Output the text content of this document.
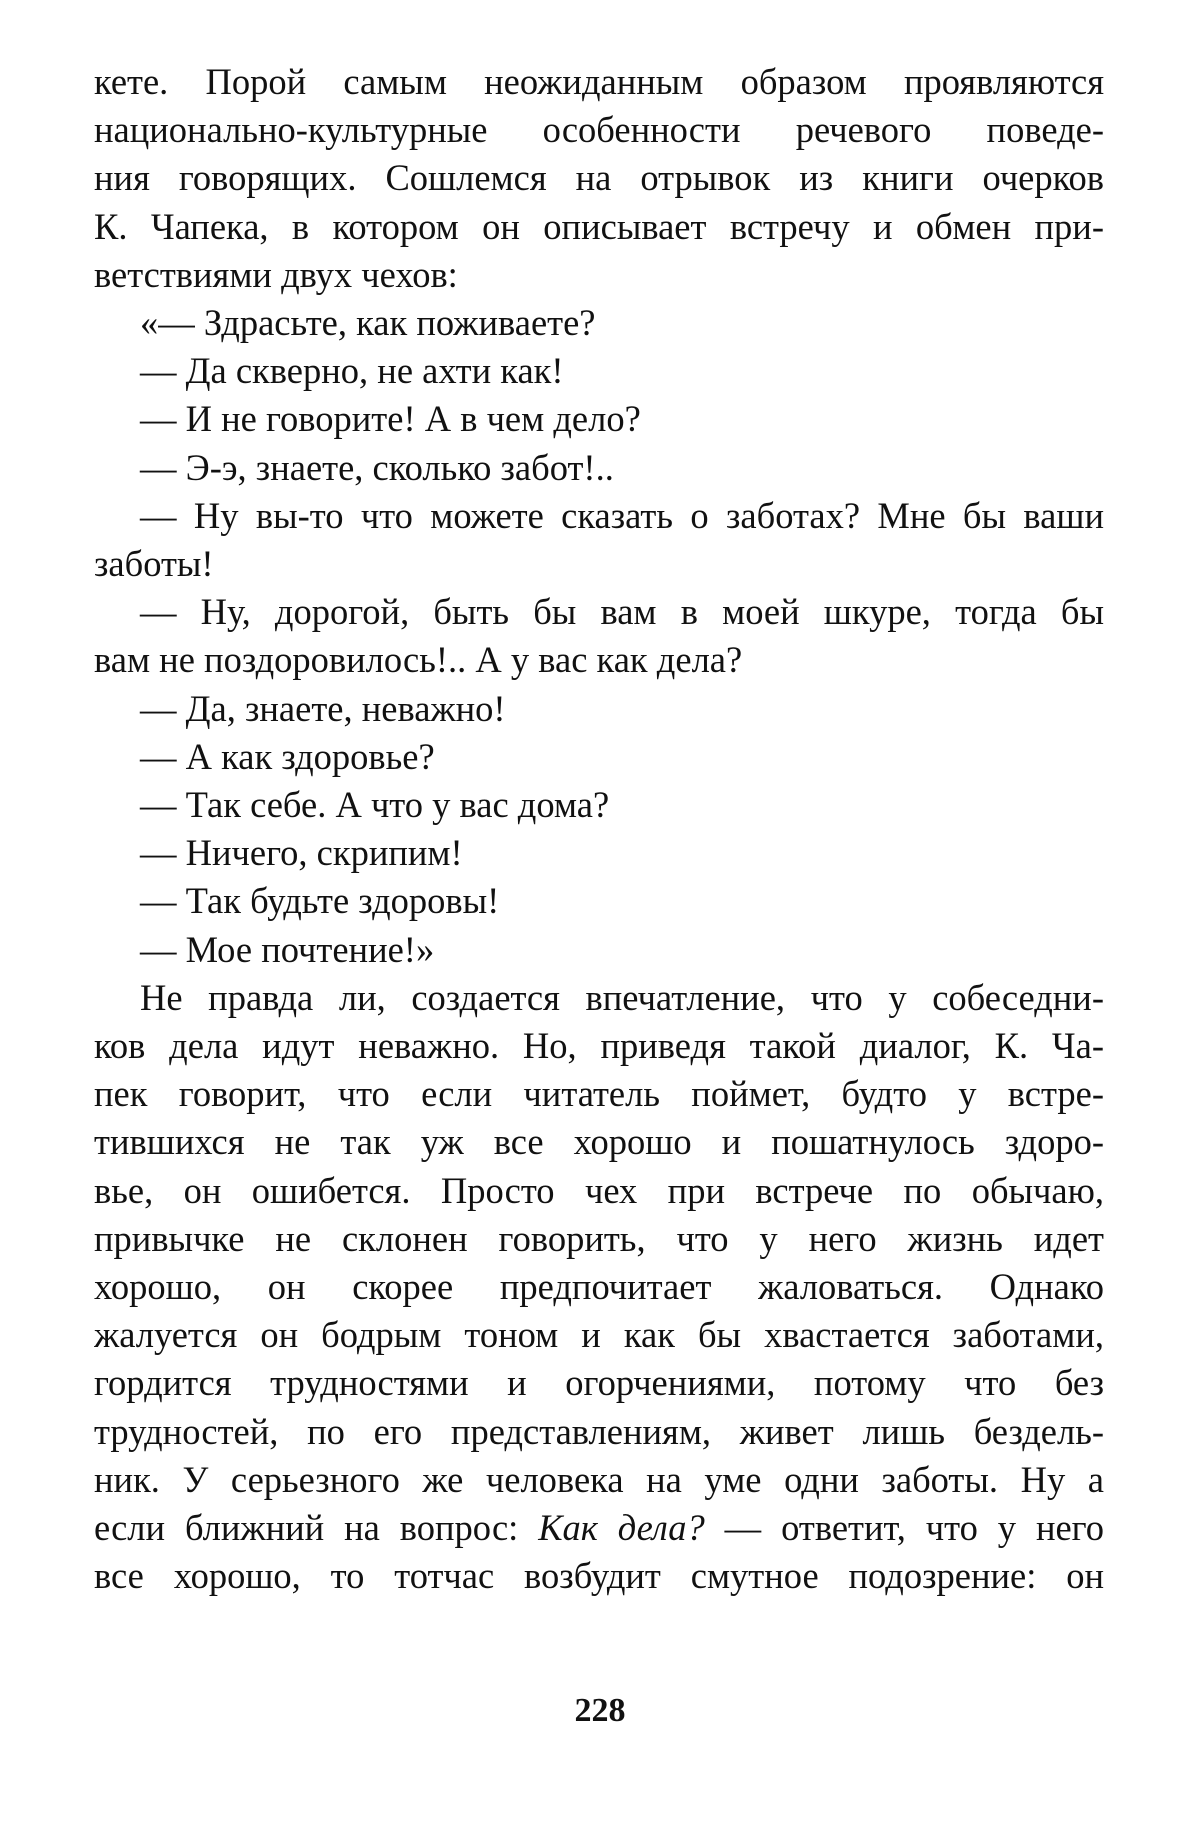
кете. Порой самым неожиданным образом проявляются
национально-культурные особенности речевого поведе-
ния говорящих. Сошлемся на отрывок из книги очерков
К. Чапека, в котором он описывает встречу и обмен при-
ветствиями двух чехов:
«— Здрасьте, как поживаете?
— Да скверно, не ахти как!
— И не говорите! А в чем дело?
— Э-э, знаете, сколько забот!..
— Ну вы-то что можете сказать о заботах? Мне бы ваши
заботы!
— Ну, дорогой, быть бы вам в моей шкуре, тогда бы
вам не поздоровилось!.. А у вас как дела?
— Да, знаете, неважно!
— А как здоровье?
— Так себе. А что у вас дома?
— Ничего, скрипим!
— Так будьте здоровы!
— Мое почтение!»
Не правда ли, создается впечатление, что у собеседни-
ков дела идут неважно. Но, приведя такой диалог, К. Ча-
пек говорит, что если читатель поймет, будто у встре-
тившихся не так уж все хорошо и пошатнулось здоро-
вье, он ошибется. Просто чех при встрече по обычаю,
привычке не склонен говорить, что у него жизнь идет
хорошо, он скорее предпочитает жаловаться. Однако
жалуется он бодрым тоном и как бы хвастается заботами,
гордится трудностями и огорчениями, потому что без
трудностей, по его представлениям, живет лишь бездель-
ник. У серьезного же человека на уме одни заботы. Ну а
если ближний на вопрос: Как дела? — ответит, что у него
все хорошо, то тотчас возбудит смутное подозрение: он
228
